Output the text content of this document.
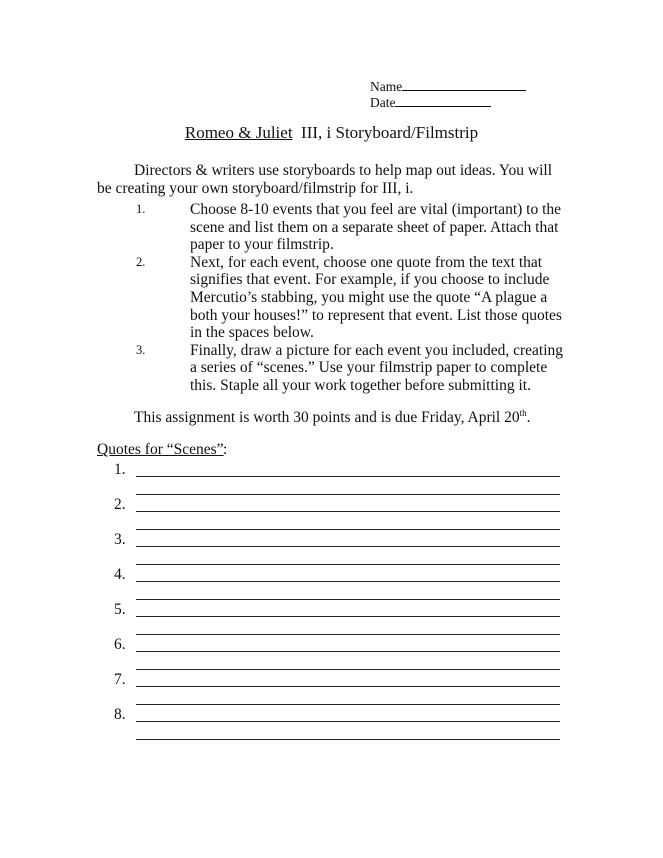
Name
Date
Romeo & Juliet  III, i Storyboard/Filmstrip
Directors & writers use storyboards to help map out ideas. You will be creating your own storyboard/filmstrip for III, i.
1.	Choose 8-10 events that you feel are vital (important) to the
scene and list them on a separate sheet of paper. Attach that
paper to your filmstrip.
2.	Next, for each event, choose one quote from the text that
signifies that event. For example, if you choose to include
Mercutio’s stabbing, you might use the quote “A plague a
both your houses!” to represent that event. List those quotes
in the spaces below.
3.	Finally, draw a picture for each event you included, creating
a series of “scenes.” Use your filmstrip paper to complete
this. Staple all your work together before submitting it.
This assignment is worth 30 points and is due Friday, April 20th.
Quotes for “Scenes” :
1.
2.
3.
4.
5.
6.
7.
8.
